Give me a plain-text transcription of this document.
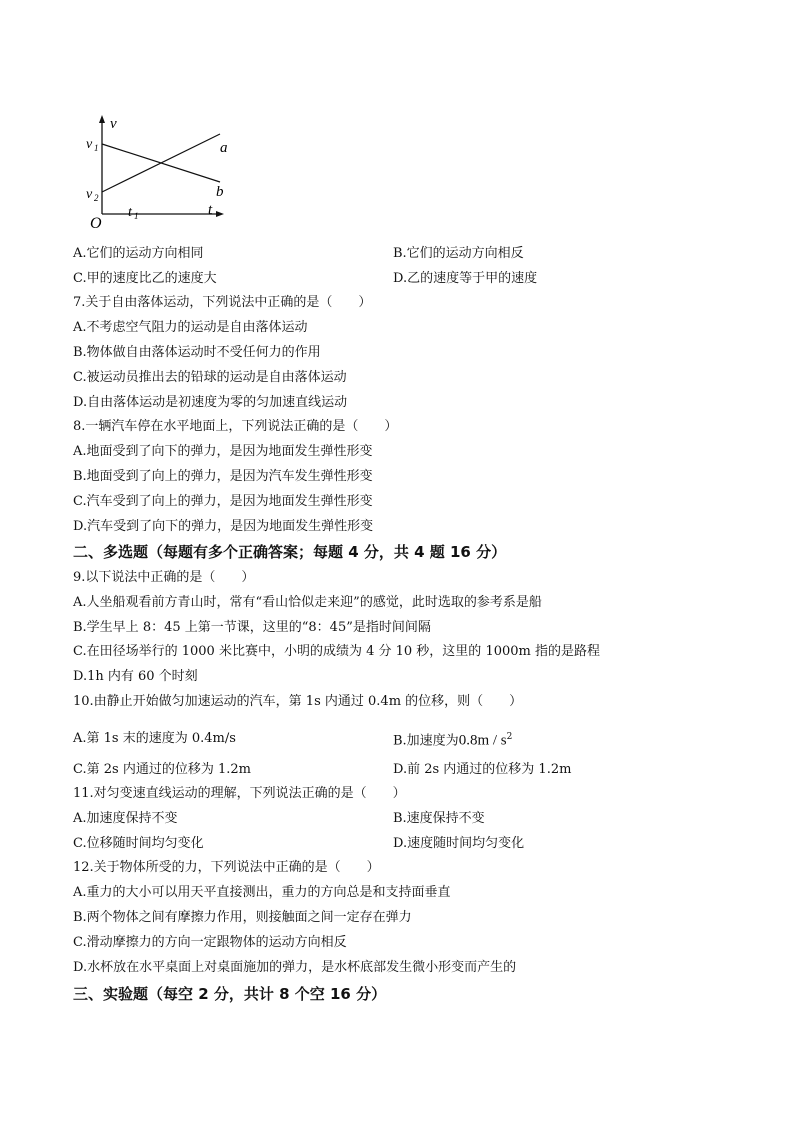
v
t
O
v 1
v 2
t 1
a
b
A.它们的运动方向相同	B.它们的运动方向相反
C.甲的速度比乙的速度大	D.乙的速度等于甲的速度
7.关于自由落体运动，下列说法中正确的是（　　）
A.不考虑空气阻力的运动是自由落体运动
B.物体做自由落体运动时不受任何力的作用
C.被运动员推出去的铅球的运动是自由落体运动
D.自由落体运动是初速度为零的匀加速直线运动
8.一辆汽车停在水平地面上，下列说法正确的是（　　）
A.地面受到了向下的弹力，是因为地面发生弹性形变
B.地面受到了向上的弹力，是因为汽车发生弹性形变
C.汽车受到了向上的弹力，是因为地面发生弹性形变
D.汽车受到了向下的弹力，是因为地面发生弹性形变
二、多选题（每题有多个正确答案；每题 4 分，共 4 题 16 分）
9.以下说法中正确的是（　　）
A.人坐船观看前方青山时，常有“看山恰似走来迎”的感觉，此时选取的参考系是船
B.学生早上 8：45 上第一节课，这里的“8：45”是指时间间隔
C.在田径场举行的 1000 米比赛中，小明的成绩为 4 分 10 秒，这里的 1000m 指的是路程
D.1h 内有 60 个时刻
10.由静止开始做匀加速运动的汽车，第 1s 内通过 0.4m 的位移，则（　　）
A.第 1s 末的速度为 0.4m/s	B.加速度为$0.8m / s^2$
C.第 2s 内通过的位移为 1.2m	D.前 2s 内通过的位移为 1.2m
11.对匀变速直线运动的理解，下列说法正确的是（　　）
A.加速度保持不变	B.速度保持不变
C.位移随时间均匀变化	D.速度随时间均匀变化
12.关于物体所受的力，下列说法中正确的是（　　）
A.重力的大小可以用天平直接测出，重力的方向总是和支持面垂直
B.两个物体之间有摩擦力作用，则接触面之间一定存在弹力
C.滑动摩擦力的方向一定跟物体的运动方向相反
D.水杯放在水平桌面上对桌面施加的弹力，是水杯底部发生微小形变而产生的
三、实验题（每空 2 分，共计 8 个空 16 分）
